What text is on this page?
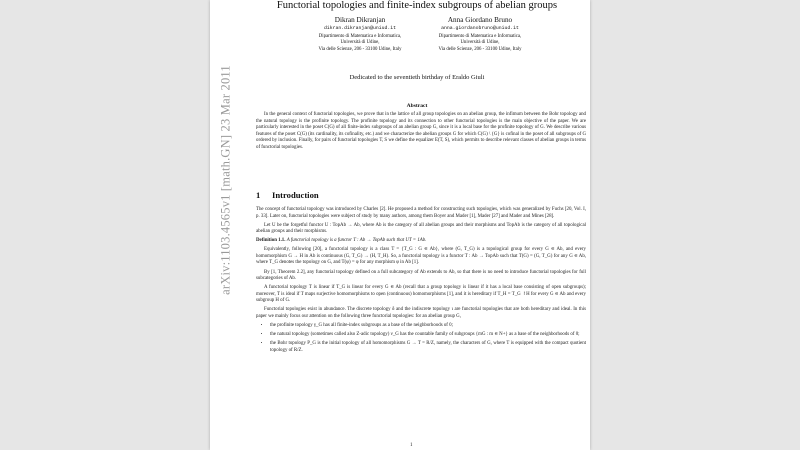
arXiv:1103.4565v1 [math.GN] 23 Mar 2011
Functorial topologies and finite-index subgroups of abelian groups
Dikran Dikranjan
dikran.dikranjan@uniud.it
Dipartimento di Matematica e Informatica,
Università di Udine,
Via delle Scienze, 206 - 33100 Udine, Italy
Anna Giordano Bruno
anna.giordanobruno@uniud.it
Dipartimento di Matematica e Informatica,
Università di Udine,
Via delle Scienze, 206 - 33100 Udine, Italy
Dedicated to the seventieth birthday of Eraldo Giuli
Abstract
In the general context of functorial topologies, we prove that in the lattice of all group topologies on an abelian group, the infimum between the Bohr topology and the natural topology is the profinite topology. The profinite topology and its connection to other functorial topologies is the main objective of the paper. We are particularly interested in the poset C(G) of all finite-index subgroups of an abelian group G, since it is a local base for the profinite topology of G. We describe various features of the poset C(G) (its cardinality, its cofinality, etc.) and we characterize the abelian groups G for which C(G) \ {G} is cofinal in the poset of all subgroups of G ordered by inclusion. Finally, for pairs of functorial topologies T, S we define the equalizer E(T, S), which permits to describe relevant classes of abelian groups in terms of functorial topologies.
1 Introduction

The concept of functorial topology was introduced by Charles [2]. He proposed a method for constructing such topologies, which was generalized by Fuchs [20, Vol. I, p. 33]. Later on, functorial topologies were subject of study by many authors, among them Boyer and Mader [1], Mader [27] and Mader and Mines [28].

Let U be the forgetful functor U : TopAb → Ab, where Ab is the category of all abelian groups and their morphisms and TopAb is the category of all topological abelian groups and their morphisms.

Definition 1.1. A functorial topology is a functor T : Ab → TopAb such that UT = 1Ab.

Equivalently, following [20], a functorial topology is a class T = {T_G : G ∈ Ab}, where (G, T_G) is a topological group for every G ∈ Ab, and every homomorphism G → H in Ab is continuous (G, T_G) → (H, T_H). So, a functorial topology is a functor T : Ab → TopAb such that T(G) = (G, T_G) for any G ∈ Ab, where T_G denotes the topology on G, and T(φ) = φ for any morphism φ in Ab [1].

By [1, Theorem 2.2], any functorial topology defined on a full subcategory of Ab extends to Ab, so that there is no need to introduce functorial topologies for full subcategories of Ab.

A functorial topology T is linear if T_G is linear for every G ∈ Ab (recall that a group topology is linear if it has a local base consisting of open subgroups); moreover, T is ideal if T maps surjective homomorphisms to open (continuous) homomorphisms [1], and it is hereditary if T_H = T_G ↾H for every G ∈ Ab and every subgroup H of G.

Functorial topologies exist in abundance. The discrete topology δ and the indiscrete topology ι are functorial topologies that are both hereditary and ideal. In this paper we mainly focus our attention on the following three functorial topologies: for an abelian group G,

• the profinite topology γ_G has all finite-index subgroups as a base of the neighborhoods of 0;
• the natural topology (sometimes called also Z-adic topology) ν_G has the countable family of subgroups {mG : m ∈ N+} as a base of the neighborhoods of 0;
• the Bohr topology P_G is the initial topology of all homomorphisms G → T = R/Z, namely, the characters of G, where T is equipped with the compact quotient topology of R/Z.
1
